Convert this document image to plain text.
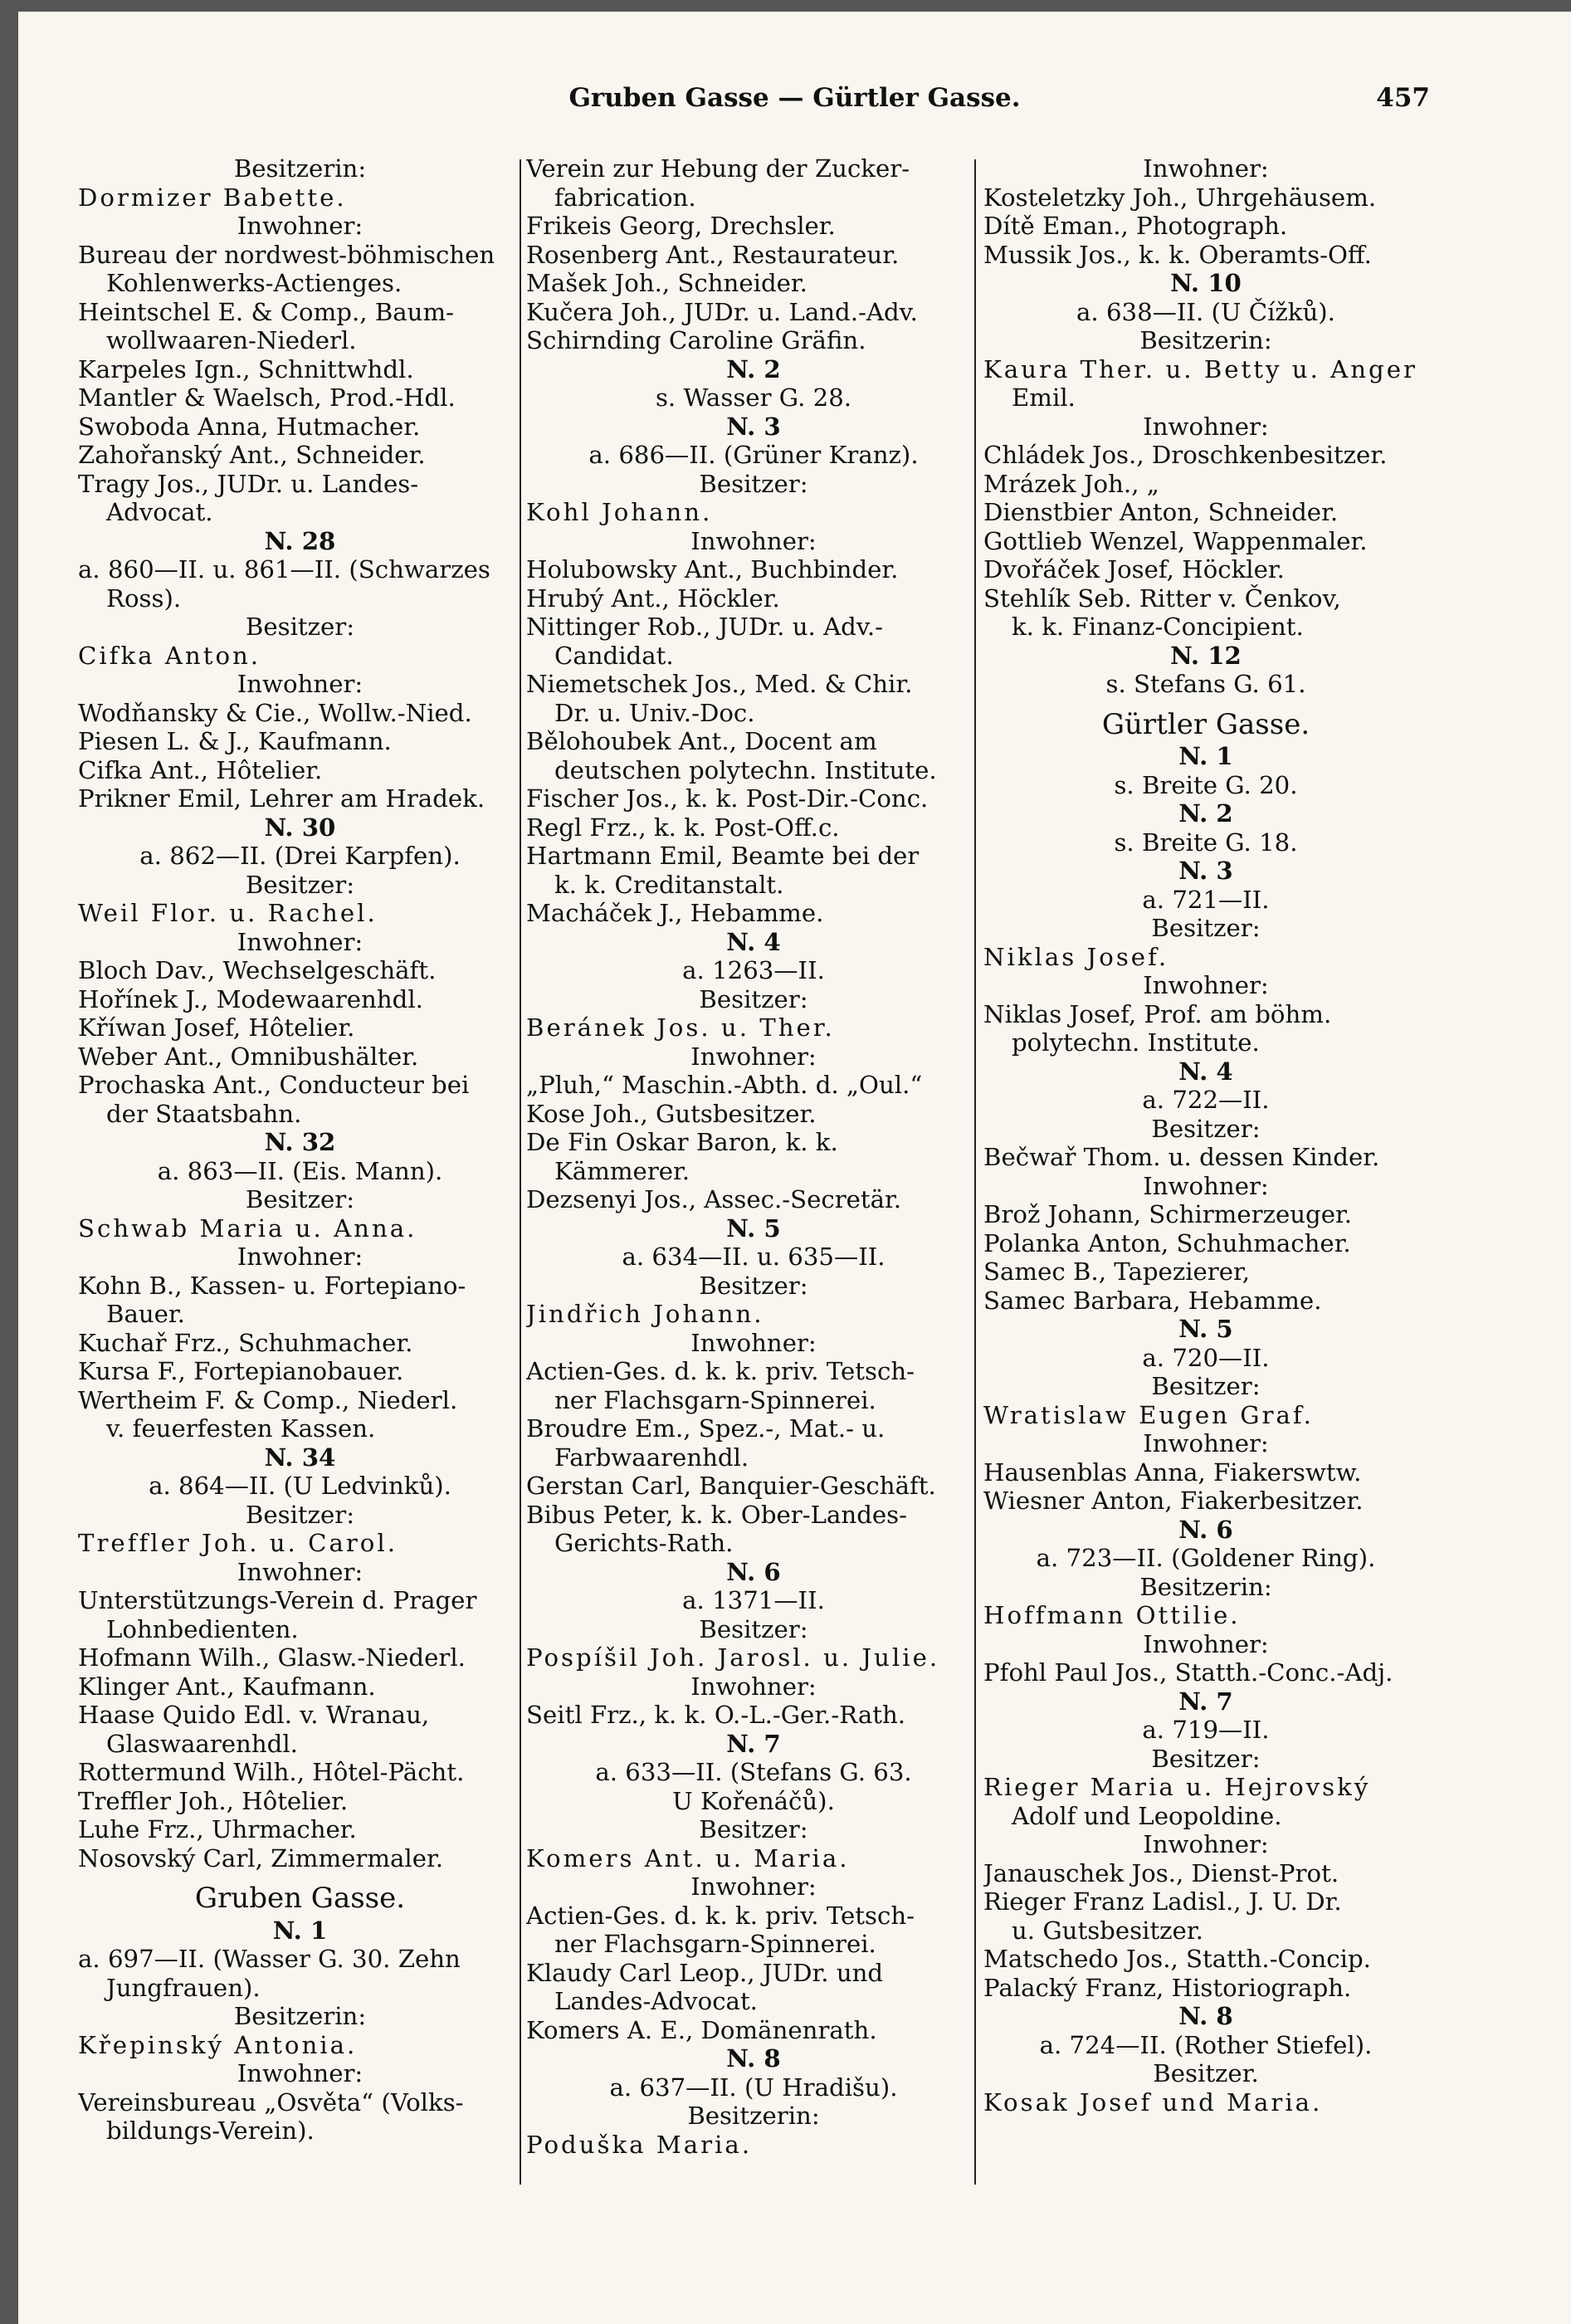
Gruben Gasse — Gürtler Gasse.	457
Besitzerin:
Dormizer Babette.
Inwohner:
Bureau der nordwest-böhmischen
Kohlenwerks-Actienges.
Heintschel E. & Comp., Baum-
wollwaaren-Niederl.
Karpeles Ign., Schnittwhdl.
Mantler & Waelsch, Prod.-Hdl.
Swoboda Anna, Hutmacher.
Zahořanský Ant., Schneider.
Tragy Jos., JUDr. u. Landes-
Advocat.
N. 28
a. 860—II. u. 861—II. (Schwarzes
Ross).
Besitzer:
Cifka Anton.
Inwohner:
Wodňansky & Cie., Wollw.-Nied.
Piesen L. & J., Kaufmann.
Cifka Ant., Hôtelier.
Prikner Emil, Lehrer am Hradek.
N. 30
a. 862—II. (Drei Karpfen).
Besitzer:
Weil Flor. u. Rachel.
Inwohner:
Bloch Dav., Wechselgeschäft.
Hořínek J., Modewaarenhdl.
Kříwan Josef, Hôtelier.
Weber Ant., Omnibushälter.
Prochaska Ant., Conducteur bei
der Staatsbahn.
N. 32
a. 863—II. (Eis. Mann).
Besitzer:
Schwab Maria u. Anna.
Inwohner:
Kohn B., Kassen- u. Fortepiano-
Bauer.
Kuchař Frz., Schuhmacher.
Kursa F., Fortepianobauer.
Wertheim F. & Comp., Niederl.
v. feuerfesten Kassen.
N. 34
a. 864—II. (U Ledvinků).
Besitzer:
Treffler Joh. u. Carol.
Inwohner:
Unterstützungs-Verein d. Prager
Lohnbedienten.
Hofmann Wilh., Glasw.-Niederl.
Klinger Ant., Kaufmann.
Haase Quido Edl. v. Wranau,
Glaswaarenhdl.
Rottermund Wilh., Hôtel-Pächt.
Treffler Joh., Hôtelier.
Luhe Frz., Uhrmacher.
Nosovský Carl, Zimmermaler.
Gruben Gasse.
N. 1
a. 697—II. (Wasser G. 30. Zehn
Jungfrauen).
Besitzerin:
Křepinský Antonia.
Inwohner:
Vereinsbureau „Osvěta“ (Volks-
bildungs-Verein).
Verein zur Hebung der Zucker-
fabrication.
Frikeis Georg, Drechsler.
Rosenberg Ant., Restaurateur.
Mašek Joh., Schneider.
Kučera Joh., JUDr. u. Land.-Adv.
Schirnding Caroline Gräfin.
N. 2
s. Wasser G. 28.
N. 3
a. 686—II. (Grüner Kranz).
Besitzer:
Kohl Johann.
Inwohner:
Holubowsky Ant., Buchbinder.
Hrubý Ant., Höckler.
Nittinger Rob., JUDr. u. Adv.-
Candidat.
Niemetschek Jos., Med. & Chir.
Dr. u. Univ.-Doc.
Bělohoubek Ant., Docent am
deutschen polytechn. Institute.
Fischer Jos., k. k. Post-Dir.-Conc.
Regl Frz., k. k. Post-Off.c.
Hartmann Emil, Beamte bei der
k. k. Creditanstalt.
Macháček J., Hebamme.
N. 4
a. 1263—II.
Besitzer:
Beránek Jos. u. Ther.
Inwohner:
„Pluh,“ Maschin.-Abth. d. „Oul.“
Kose Joh., Gutsbesitzer.
De Fin Oskar Baron, k. k.
Kämmerer.
Dezsenyi Jos., Assec.-Secretär.
N. 5
a. 634—II. u. 635—II.
Besitzer:
Jindřich Johann.
Inwohner:
Actien-Ges. d. k. k. priv. Tetsch-
ner Flachsgarn-Spinnerei.
Broudre Em., Spez.-, Mat.- u.
Farbwaarenhdl.
Gerstan Carl, Banquier-Geschäft.
Bibus Peter, k. k. Ober-Landes-
Gerichts-Rath.
N. 6
a. 1371—II.
Besitzer:
Pospíšil Joh. Jarosl. u. Julie.
Inwohner:
Seitl Frz., k. k. O.-L.-Ger.-Rath.
N. 7
a. 633—II. (Stefans G. 63.
U Kořenáčů).
Besitzer:
Komers Ant. u. Maria.
Inwohner:
Actien-Ges. d. k. k. priv. Tetsch-
ner Flachsgarn-Spinnerei.
Klaudy Carl Leop., JUDr. und
Landes-Advocat.
Komers A. E., Domänenrath.
N. 8
a. 637—II. (U Hradišu).
Besitzerin:
Poduška Maria.
Inwohner:
Kosteletzky Joh., Uhrgehäusem.
Dítě Eman., Photograph.
Mussik Jos., k. k. Oberamts-Off.
N. 10
a. 638—II. (U Čížků).
Besitzerin:
Kaura Ther. u. Betty u. Anger
Emil.
Inwohner:
Chládek Jos., Droschkenbesitzer.
Mrázek Joh., „
Dienstbier Anton, Schneider.
Gottlieb Wenzel, Wappenmaler.
Dvořáček Josef, Höckler.
Stehlík Seb. Ritter v. Čenkov,
k. k. Finanz-Concipient.
N. 12
s. Stefans G. 61.
Gürtler Gasse.
N. 1
s. Breite G. 20.
N. 2
s. Breite G. 18.
N. 3
a. 721—II.
Besitzer:
Niklas Josef.
Inwohner:
Niklas Josef, Prof. am böhm.
polytechn. Institute.
N. 4
a. 722—II.
Besitzer:
Bečwař Thom. u. dessen Kinder.
Inwohner:
Brož Johann, Schirmerzeuger.
Polanka Anton, Schuhmacher.
Samec B., Tapezierer,
Samec Barbara, Hebamme.
N. 5
a. 720—II.
Besitzer:
Wratislaw Eugen Graf.
Inwohner:
Hausenblas Anna, Fiakerswtw.
Wiesner Anton, Fiakerbesitzer.
N. 6
a. 723—II. (Goldener Ring).
Besitzerin:
Hoffmann Ottilie.
Inwohner:
Pfohl Paul Jos., Statth.-Conc.-Adj.
N. 7
a. 719—II.
Besitzer:
Rieger Maria u. Hejrovský
Adolf und Leopoldine.
Inwohner:
Janauschek Jos., Dienst-Prot.
Rieger Franz Ladisl., J. U. Dr.
u. Gutsbesitzer.
Matschedo Jos., Statth.-Concip.
Palacký Franz, Historiograph.
N. 8
a. 724—II. (Rother Stiefel).
Besitzer.
Kosak Josef und Maria.
